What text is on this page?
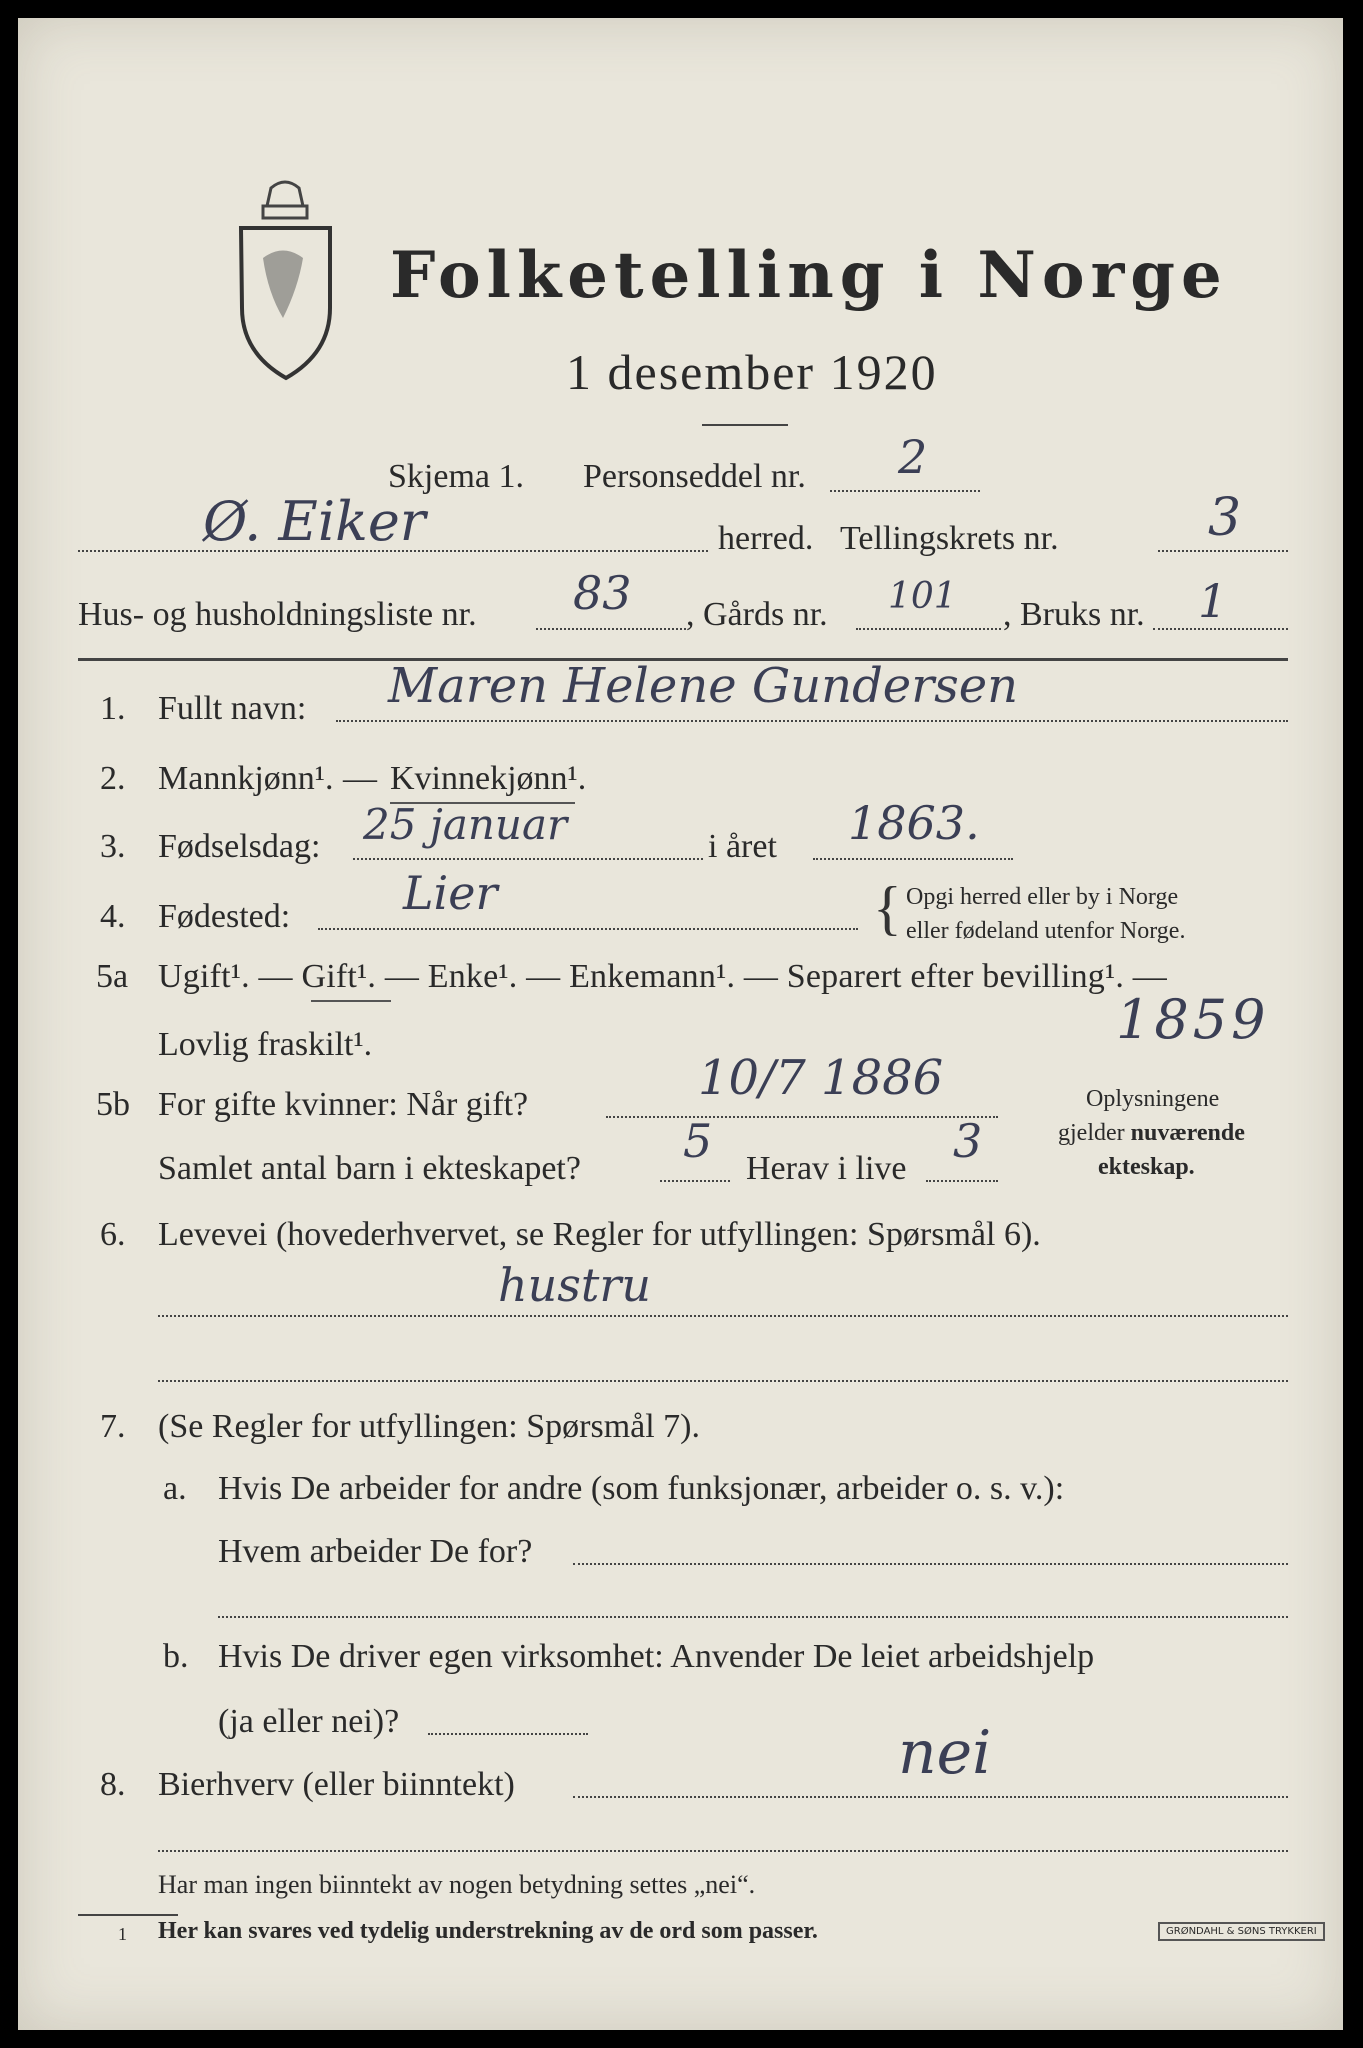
Folketelling i Norge
1 desember 1920
Skjema 1. Personseddel nr. 2
Ø. Eiker	herred. Tellingskrets nr.	3
Hus- og husholdningsliste nr. 83 , Gårds nr. 101 , Bruks nr. 1
1. Fullt navn: Maren Helene Gundersen
2. Mannkjønn¹. — Kvinnekjønn¹.
3. Fødselsdag: 25 januar	i året 1863.
4. Fødested: Lier	{ Opgi herred eller by i Norge
eller fødeland utenfor Norge.
5a Ugift¹. — Gift¹. — Enke¹. — Enkemann¹. — Separert efter bevilling¹. —
Lovlig fraskilt¹.	1859
5b For gifte kvinner: Når gift?	10/7 1886
Samlet antal barn i ekteskapet?
5
Herav i live
3
Oplysningene
gjelder nuværende
ekteskap.
6. Levevei (hovederhvervet, se Regler for utfyllingen: Spørsmål 6).
hustru
7. (Se Regler for utfyllingen: Spørsmål 7).
a. Hvis De arbeider for andre (som funksjonær, arbeider o. s. v.):
Hvem arbeider De for?
b. Hvis De driver egen virksomhet: Anvender De leiet arbeidshjelp
(ja eller nei)?
8. Bierhverv (eller biinntekt)	nei
Har man ingen biinntekt av nogen betydning settes „nei“.
1 Her kan svares ved tydelig understrekning av de ord som passer.	GRØNDAHL & SØNS TRYKKERI
